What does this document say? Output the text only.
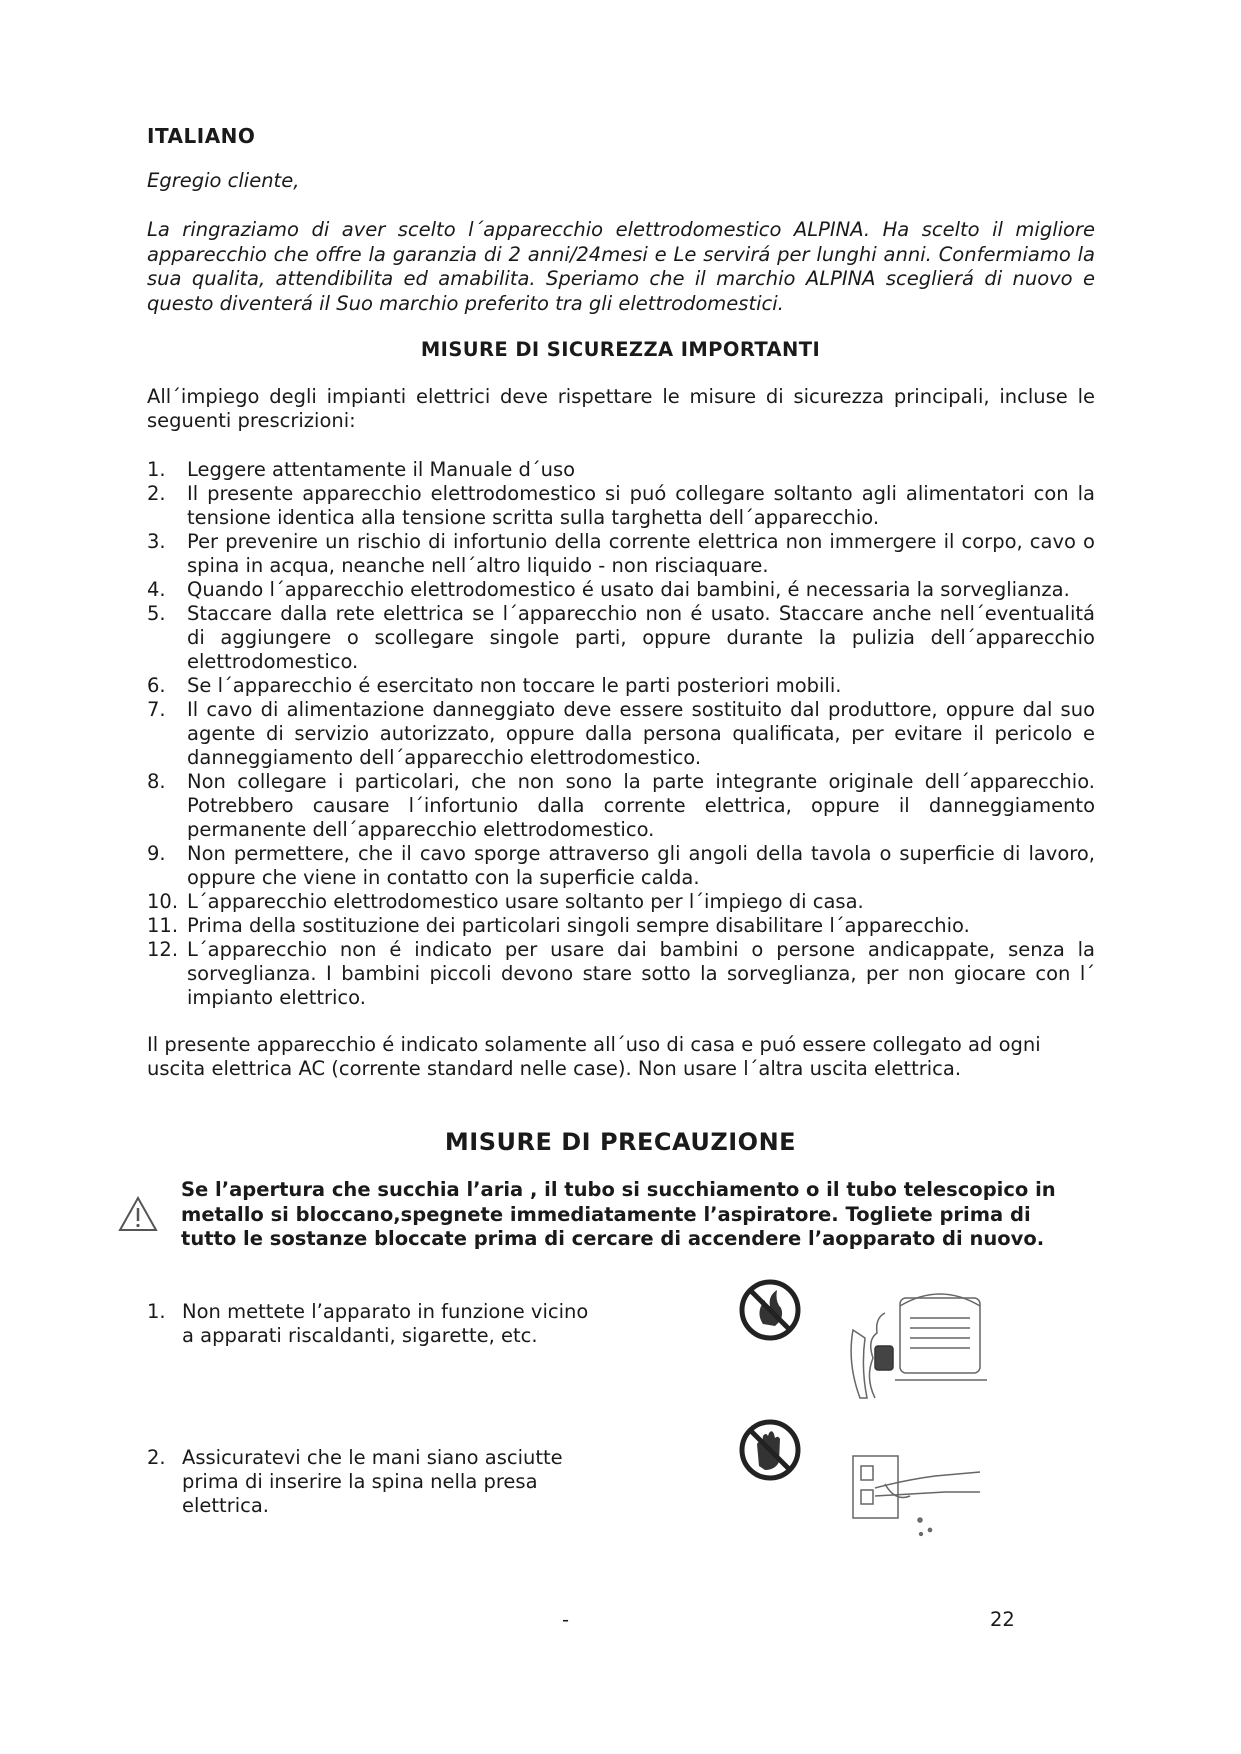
ITALIANO
Egregio cliente,

La ringraziamo di aver scelto l´apparecchio elettrodomestico ALPINA. Ha scelto il migliore apparecchio che offre la garanzia di 2 anni/24mesi e Le servirá per lunghi anni. Confermiamo la sua qualita, attendibilita ed amabilita. Speriamo che il marchio ALPINA sceglierá di nuovo e questo diventerá il Suo marchio preferito tra gli elettrodomestici.

MISURE DI SICUREZZA IMPORTANTI

All´impiego degli impianti elettrici deve rispettare le misure di sicurezza principali, incluse le seguenti prescrizioni:

1.	Leggere attentamente il Manuale d´uso
2.	Il presente apparecchio elettrodomestico si puó collegare soltanto agli alimentatori con la tensione identica alla tensione scritta sulla targhetta dell´apparecchio.
3.	Per prevenire un rischio di infortunio della corrente elettrica non immergere il corpo, cavo o spina in acqua, neanche nell´altro liquido - non risciaquare.
4.	Quando l´apparecchio elettrodomestico é usato dai bambini, é necessaria la sorveglianza.
5.	Staccare dalla rete elettrica se l´apparecchio non é usato. Staccare anche nell´eventualitá di aggiungere o scollegare singole parti, oppure durante la pulizia dell´apparecchio elettrodomestico.
6.	Se l´apparecchio é esercitato non toccare le parti posteriori mobili.
7.	Il cavo di alimentazione danneggiato deve essere sostituito dal produttore, oppure dal suo agente di servizio autorizzato, oppure dalla persona qualificata, per evitare il pericolo e danneggiamento dell´apparecchio elettrodomestico.
8.	Non collegare i particolari, che non sono la parte integrante originale dell´apparecchio. Potrebbero causare l´infortunio dalla corrente elettrica, oppure il danneggiamento permanente dell´apparecchio elettrodomestico.
9.	Non permettere, che il cavo sporge attraverso gli angoli della tavola o superficie di lavoro, oppure che viene in contatto con la superficie calda.
10. L´apparecchio elettrodomestico usare soltanto per l´impiego di casa.
11. Prima della sostituzione dei particolari singoli sempre disabilitare l´apparecchio.
12. L´apparecchio non é indicato per usare dai bambini o persone andicappate, senza la sorveglianza. I bambini piccoli devono stare sotto la sorveglianza, per non giocare con l´ impianto elettrico.

Il presente apparecchio é indicato solamente all´uso di casa e puó essere collegato ad ogni uscita elettrica AC (corrente standard nelle case). Non usare l´altra uscita elettrica.

MISURE DI PRECAUZIONE

Se l’apertura che succhia l’aria , il tubo si succhiamento o il tubo telescopico in metallo si bloccano,spegnete immediatamente l’aspiratore. Togliete prima di tutto le sostanze bloccate prima di cercare di accendere l’aopparato di nuovo.

1. Non mettete l’apparato in funzione vicino a apparati riscaldanti, sigarette, etc.

2. Assicuratevi che le mani siano asciutte prima di inserire la spina nella presa elettrica.

-	22
